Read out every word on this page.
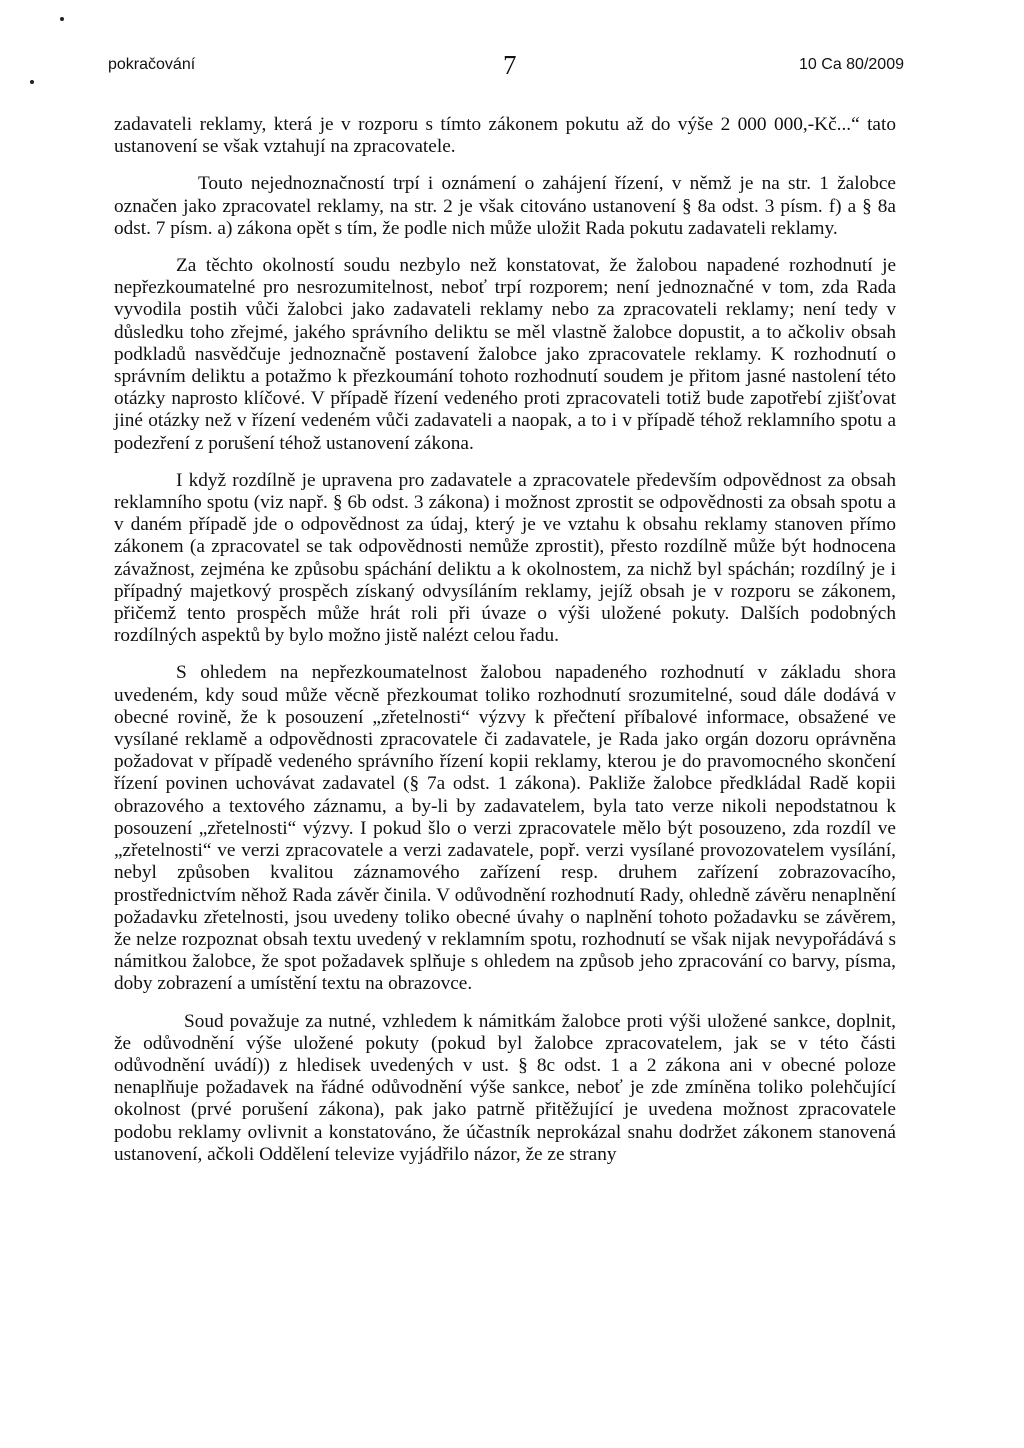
pokračování	7	10 Ca 80/2009

zadavateli reklamy, která je v rozporu s tímto zákonem pokutu až do výše 2 000 000,-Kč...“ tato ustanovení se však vztahují na zpracovatele.

Touto nejednoznačností trpí i oznámení o zahájení řízení, v němž je na str. 1 žalobce označen jako zpracovatel reklamy, na str. 2 je však citováno ustanovení § 8a odst. 3 písm. f) a § 8a odst. 7 písm. a) zákona opět s tím, že podle nich může uložit Rada pokutu zadavateli reklamy.

Za těchto okolností soudu nezbylo než konstatovat, že žalobou napadené rozhodnutí je nepřezkoumatelné pro nesrozumitelnost, neboť trpí rozporem; není jednoznačné v tom, zda Rada vyvodila postih vůči žalobci jako zadavateli reklamy nebo za zpracovateli reklamy; není tedy v důsledku toho zřejmé, jakého správního deliktu se měl vlastně žalobce dopustit, a to ačkoliv obsah podkladů nasvědčuje jednoznačně postavení žalobce jako zpracovatele reklamy. K rozhodnutí o správním deliktu a potažmo k přezkoumání tohoto rozhodnutí soudem je přitom jasné nastolení této otázky naprosto klíčové. V případě řízení vedeného proti zpracovateli totiž bude zapotřebí zjišťovat jiné otázky než v řízení vedeném vůči zadavateli a naopak, a to i v případě téhož reklamního spotu a podezření z porušení téhož ustanovení zákona.

I když rozdílně je upravena pro zadavatele a zpracovatele především odpovědnost za obsah reklamního spotu (viz např. § 6b odst. 3 zákona) i možnost zprostit se odpovědnosti za obsah spotu a v daném případě jde o odpovědnost za údaj, který je ve vztahu k obsahu reklamy stanoven přímo zákonem (a zpracovatel se tak odpovědnosti nemůže zprostit), přesto rozdílně může být hodnocena závažnost, zejména ke způsobu spáchání deliktu a k okolnostem, za nichž byl spáchán; rozdílný je i případný majetkový prospěch získaný odvysíláním reklamy, jejíž obsah je v rozporu se zákonem, přičemž tento prospěch může hrát roli při úvaze o výši uložené pokuty. Dalších podobných rozdílných aspektů by bylo možno jistě nalézt celou řadu.

S ohledem na nepřezkoumatelnost žalobou napadeného rozhodnutí v základu shora uvedeném, kdy soud může věcně přezkoumat toliko rozhodnutí srozumitelné, soud dále dodává v obecné rovině, že k posouzení „zřetelnosti“ výzvy k přečtení příbalové informace, obsažené ve vysílané reklamě a odpovědnosti zpracovatele či zadavatele, je Rada jako orgán dozoru oprávněna požadovat v případě vedeného správního řízení kopii reklamy, kterou je do pravomocného skončení řízení povinen uchovávat zadavatel (§ 7a odst. 1 zákona). Pakliže žalobce předkládal Radě kopii obrazového a textového záznamu, a by-li by zadavatelem, byla tato verze nikoli nepodstatnou k posouzení „zřetelnosti“ výzvy. I pokud šlo o verzi zpracovatele mělo být posouzeno, zda rozdíl ve „zřetelnosti“ ve verzi zpracovatele a verzi zadavatele, popř. verzi vysílané provozovatelem vysílání, nebyl způsoben kvalitou záznamového zařízení resp. druhem zařízení zobrazovacího, prostřednictvím něhož Rada závěr činila. V odůvodnění rozhodnutí Rady, ohledně závěru nenaplnění požadavku zřetelnosti, jsou uvedeny toliko obecné úvahy o naplnění tohoto požadavku se závěrem, že nelze rozpoznat obsah textu uvedený v reklamním spotu, rozhodnutí se však nijak nevypořádává s námitkou žalobce, že spot požadavek splňuje s ohledem na způsob jeho zpracování co barvy, písma, doby zobrazení a umístění textu na obrazovce.

Soud považuje za nutné, vzhledem k námitkám žalobce proti výši uložené sankce, doplnit, že odůvodnění výše uložené pokuty (pokud byl žalobce zpracovatelem, jak se v této části odůvodnění uvádí)) z hledisek uvedených v ust. § 8c odst. 1 a 2 zákona ani v obecné poloze nenaplňuje požadavek na řádné odůvodnění výše sankce, neboť je zde zmíněna toliko polehčující okolnost (prvé porušení zákona), pak jako patrně přitěžující je uvedena možnost zpracovatele podobu reklamy ovlivnit a konstatováno, že účastník neprokázal snahu dodržet zákonem stanovená ustanovení, ačkoli Oddělení televize vyjádřilo názor, že ze strany
